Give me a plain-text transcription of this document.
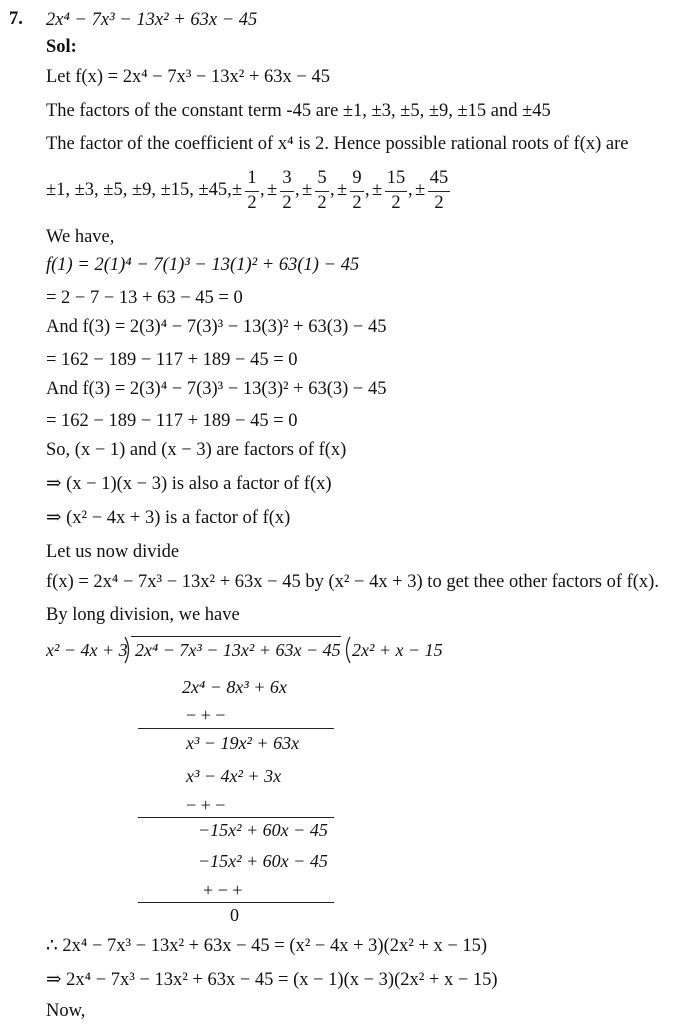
7. 2x⁴ − 7x³ − 13x² + 63x − 45
Sol:
Let f(x) = 2x⁴ − 7x³ − 13x² + 63x − 45
The factors of the constant term -45 are ±1, ±3, ±5, ±9, ±15 and ±45
The factor of the coefficient of x⁴ is 2. Hence possible rational roots of f(x) are
±1, ±3, ±5, ±9, ±15, ±45, ±
1
2
, ±
3
2
, ±
5
2
, ±
9
2
, ±
15
2
, ±
45
2
We have,
f(1) = 2(1)⁴ − 7(1)³ − 13(1)² + 63(1) − 45
= 2 − 7 − 13 + 63 − 45 = 0
And f(3) = 2(3)⁴ − 7(3)³ − 13(3)² + 63(3) − 45
= 162 − 189 − 117 + 189 − 45 = 0
And f(3) = 2(3)⁴ − 7(3)³ − 13(3)² + 63(3) − 45
= 162 − 189 − 117 + 189 − 45 = 0
So, (x − 1) and (x − 3) are factors of f(x)
⇒ (x − 1)(x − 3) is also a factor of f(x)
⇒ (x² − 4x + 3) is a factor of f(x)
Let us now divide
f(x) = 2x⁴ − 7x³ − 13x² + 63x − 45 by (x² − 4x + 3) to get thee other factors of f(x).
By long division, we have
x² − 4x + 3 2x⁴ − 7x³ − 13x² + 63x − 45 2x² + x − 15
2x⁴ − 8x³ + 6x
− + −
x³ − 19x² + 63x
x³ − 4x² + 3x
− + −
−15x² + 60x − 45
−15x² + 60x − 45
+ − +
0
∴ 2x⁴ − 7x³ − 13x² + 63x − 45 = (x² − 4x + 3)(2x² + x − 15)
⇒ 2x⁴ − 7x³ − 13x² + 63x − 45 = (x − 1)(x − 3)(2x² + x − 15)
Now,
